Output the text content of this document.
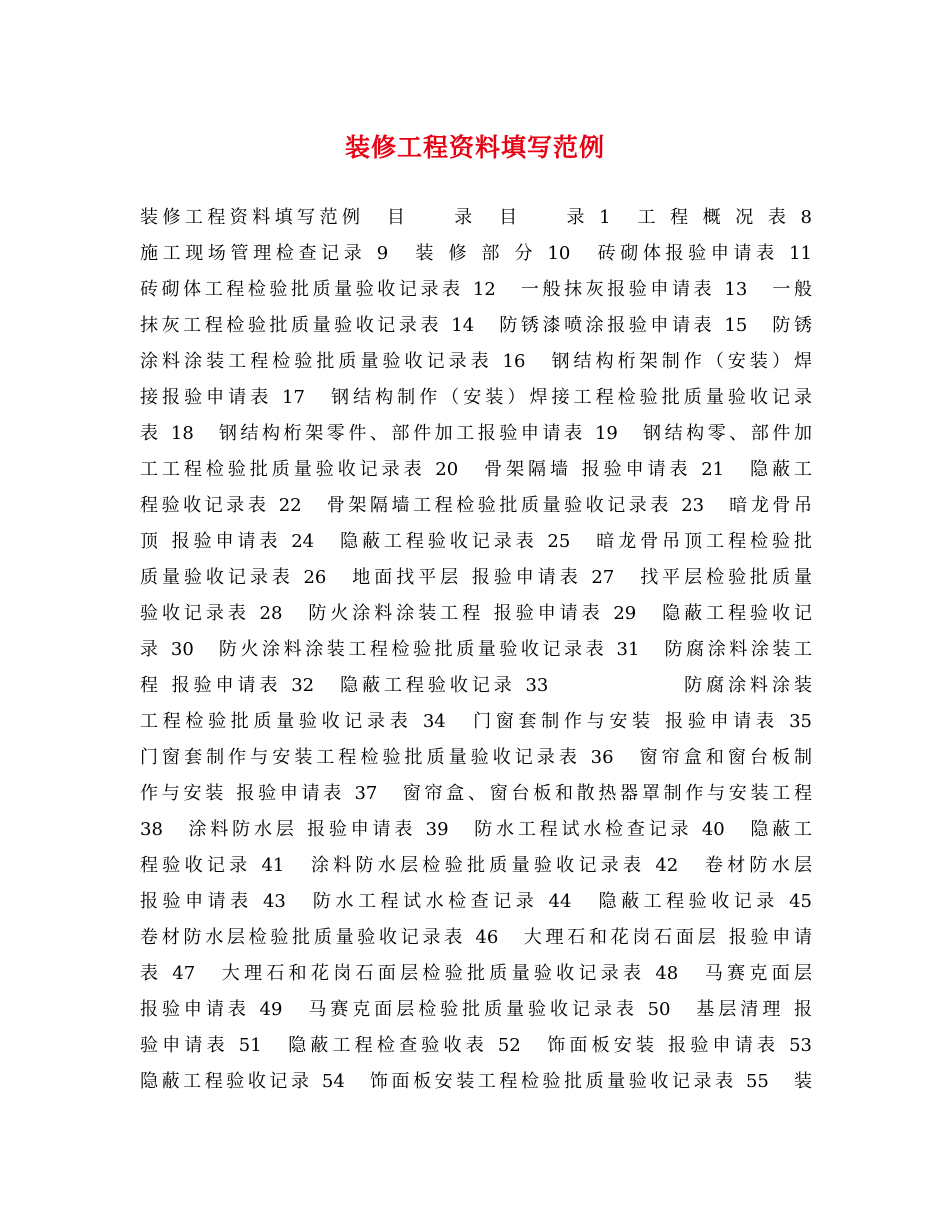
装修工程资料填写范例
装修工程资料填写范例　目　　录　目　　录 1　工 程 概 况 表 8
施工现场管理检查记录 9　装 修 部 分 10　砖砌体报验申请表 11
砖砌体工程检验批质量验收记录表 12　一般抹灰报验申请表 13　一般
抹灰工程检验批质量验收记录表 14　防锈漆喷涂报验申请表 15　防锈
涂料涂装工程检验批质量验收记录表 16　钢结构桁架制作（安装）焊
接报验申请表 17　钢结构制作（安装）焊接工程检验批质量验收记录
表 18　钢结构桁架零件、部件加工报验申请表 19　钢结构零、部件加
工工程检验批质量验收记录表 20　骨架隔墙 报验申请表 21　隐蔽工
程验收记录表 22　骨架隔墙工程检验批质量验收记录表 23　暗龙骨吊
顶 报验申请表 24　隐蔽工程验收记录表 25　暗龙骨吊顶工程检验批
质量验收记录表 26　地面找平层 报验申请表 27　找平层检验批质量
验收记录表 28　防火涂料涂装工程 报验申请表 29　隐蔽工程验收记
录 30　防火涂料涂装工程检验批质量验收记录表 31　防腐涂料涂装工
程 报验申请表 32　隐蔽工程验收记录 33　　　　　　防腐涂料涂装
工程检验批质量验收记录表 34　门窗套制作与安装 报验申请表 35
门窗套制作与安装工程检验批质量验收记录表 36　窗帘盒和窗台板制
作与安装 报验申请表 37　窗帘盒、窗台板和散热器罩制作与安装工程
38　涂料防水层 报验申请表 39　防水工程试水检查记录 40　隐蔽工
程验收记录 41　涂料防水层检验批质量验收记录表 42　卷材防水层
报验申请表 43　防水工程试水检查记录 44　隐蔽工程验收记录 45
卷材防水层检验批质量验收记录表 46　大理石和花岗石面层 报验申请
表 47　大理石和花岗石面层检验批质量验收记录表 48　马赛克面层
报验申请表 49　马赛克面层检验批质量验收记录表 50　基层清理 报
验申请表 51　隐蔽工程检查验收表 52　饰面板安装 报验申请表 53
隐蔽工程验收记录 54　饰面板安装工程检验批质量验收记录表 55　装
